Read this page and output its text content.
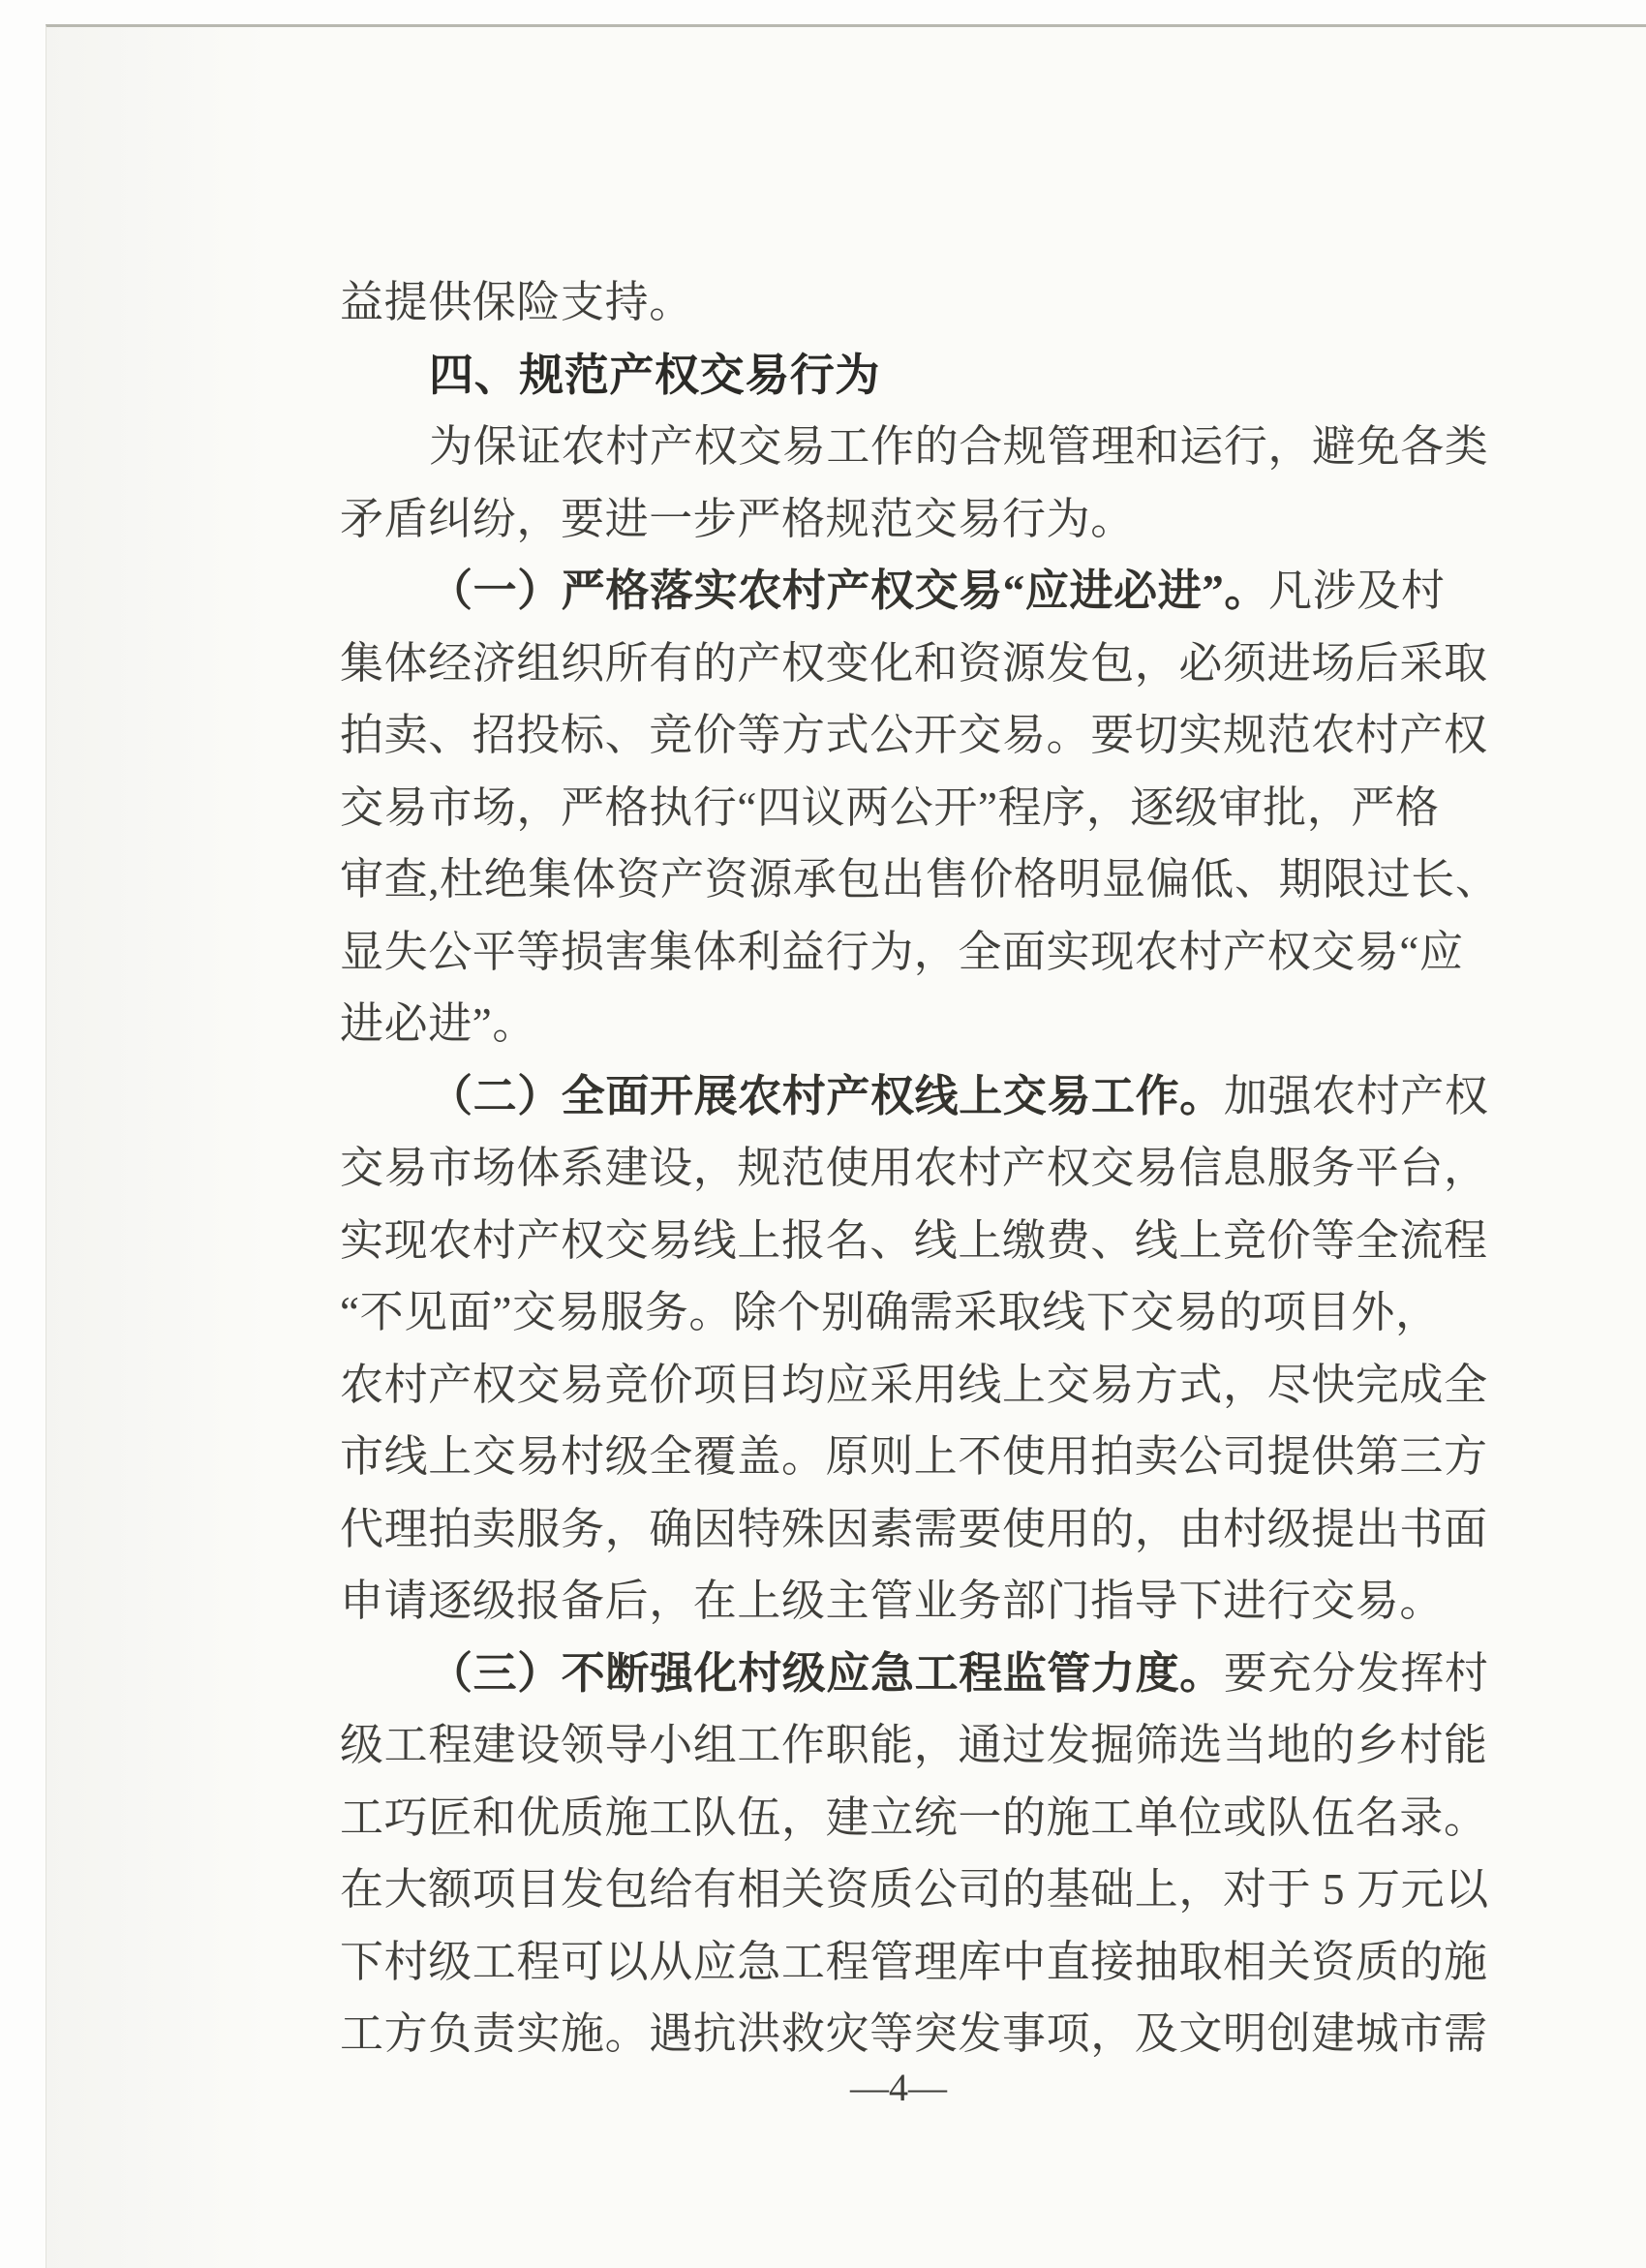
益提供保险支持。
四、规范产权交易行为
为保证农村产权交易工作的合规管理和运行，避免各类
矛盾纠纷，要进一步严格规范交易行为。
（一）严格落实农村产权交易“应进必进”。凡涉及村
集体经济组织所有的产权变化和资源发包，必须进场后采取
拍卖、招投标、竞价等方式公开交易。要切实规范农村产权
交易市场，严格执行“四议两公开”程序，逐级审批，严格
审查,杜绝集体资产资源承包出售价格明显偏低、期限过长、
显失公平等损害集体利益行为，全面实现农村产权交易“应
进必进”。
（二）全面开展农村产权线上交易工作。加强农村产权
交易市场体系建设，规范使用农村产权交易信息服务平台，
实现农村产权交易线上报名、线上缴费、线上竞价等全流程
“不见面”交易服务。除个别确需采取线下交易的项目外，
农村产权交易竞价项目均应采用线上交易方式，尽快完成全
市线上交易村级全覆盖。原则上不使用拍卖公司提供第三方
代理拍卖服务，确因特殊因素需要使用的，由村级提出书面
申请逐级报备后，在上级主管业务部门指导下进行交易。
（三）不断强化村级应急工程监管力度。要充分发挥村
级工程建设领导小组工作职能，通过发掘筛选当地的乡村能
工巧匠和优质施工队伍，建立统一的施工单位或队伍名录。
在大额项目发包给有相关资质公司的基础上，对于 5 万元以
下村级工程可以从应急工程管理库中直接抽取相关资质的施
工方负责实施。遇抗洪救灾等突发事项，及文明创建城市需
—4—
